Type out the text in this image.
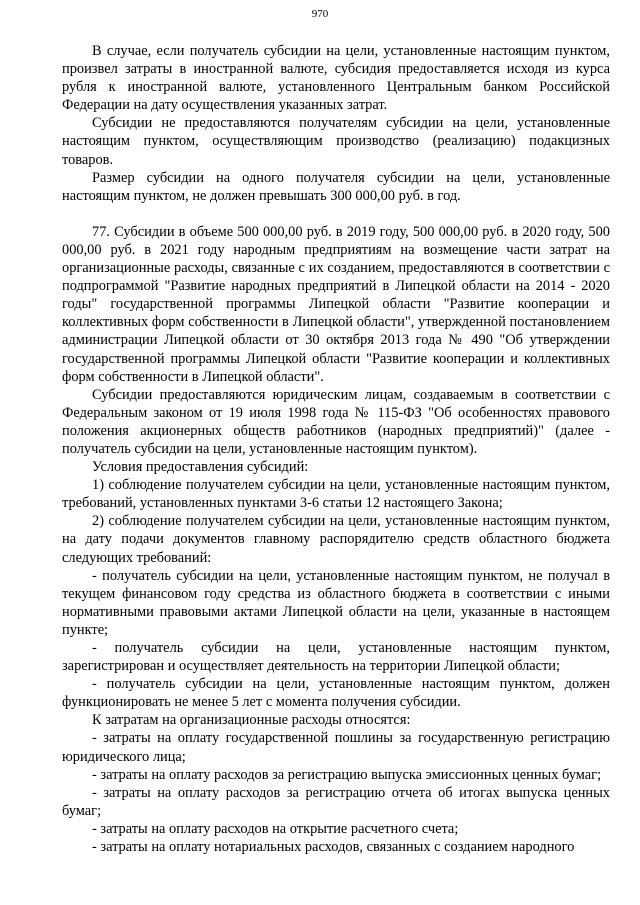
970

В случае, если получатель субсидии на цели, установленные настоящим пунктом, произвел затраты в иностранной валюте, субсидия предоставляется исходя из курса рубля к иностранной валюте, установленного Центральным банком Российской Федерации на дату осуществления указанных затрат.

Субсидии не предоставляются получателям субсидии на цели, установленные настоящим пунктом, осуществляющим производство (реализацию) подакцизных товаров.

Размер субсидии на одного получателя субсидии на цели, установленные настоящим пунктом, не должен превышать 300 000,00 руб. в год.

77. Субсидии в объеме 500 000,00 руб. в 2019 году, 500 000,00 руб. в 2020 году, 500 000,00 руб. в 2021 году народным предприятиям на возмещение части затрат на организационные расходы, связанные с их созданием, предоставляются в соответствии с подпрограммой "Развитие народных предприятий в Липецкой области на 2014 - 2020 годы" государственной программы Липецкой области "Развитие кооперации и коллективных форм собственности в Липецкой области", утвержденной постановлением администрации Липецкой области от 30 октября 2013 года № 490 "Об утверждении государственной программы Липецкой области "Развитие кооперации и коллективных форм собственности в Липецкой области".

Субсидии предоставляются юридическим лицам, создаваемым в соответствии с Федеральным законом от 19 июля 1998 года № 115-ФЗ "Об особенностях правового положения акционерных обществ работников (народных предприятий)" (далее - получатель субсидии на цели, установленные настоящим пунктом).

Условия предоставления субсидий:

1) соблюдение получателем субсидии на цели, установленные настоящим пунктом, требований, установленных пунктами 3-6 статьи 12 настоящего Закона;

2) соблюдение получателем субсидии на цели, установленные настоящим пунктом, на дату подачи документов главному распорядителю средств областного бюджета следующих требований:

- получатель субсидии на цели, установленные настоящим пунктом, не получал в текущем финансовом году средства из областного бюджета в соответствии с иными нормативными правовыми актами Липецкой области на цели, указанные в настоящем пункте;

- получатель субсидии на цели, установленные настоящим пунктом, зарегистрирован и осуществляет деятельность на территории Липецкой области;

- получатель субсидии на цели, установленные настоящим пунктом, должен функционировать не менее 5 лет с момента получения субсидии.

К затратам на организационные расходы относятся:

- затраты на оплату государственной пошлины за государственную регистрацию юридического лица;

- затраты на оплату расходов за регистрацию выпуска эмиссионных ценных бумаг;

- затраты на оплату расходов за регистрацию отчета об итогах выпуска ценных бумаг;

- затраты на оплату расходов на открытие расчетного счета;

- затраты на оплату нотариальных расходов, связанных с созданием народного
